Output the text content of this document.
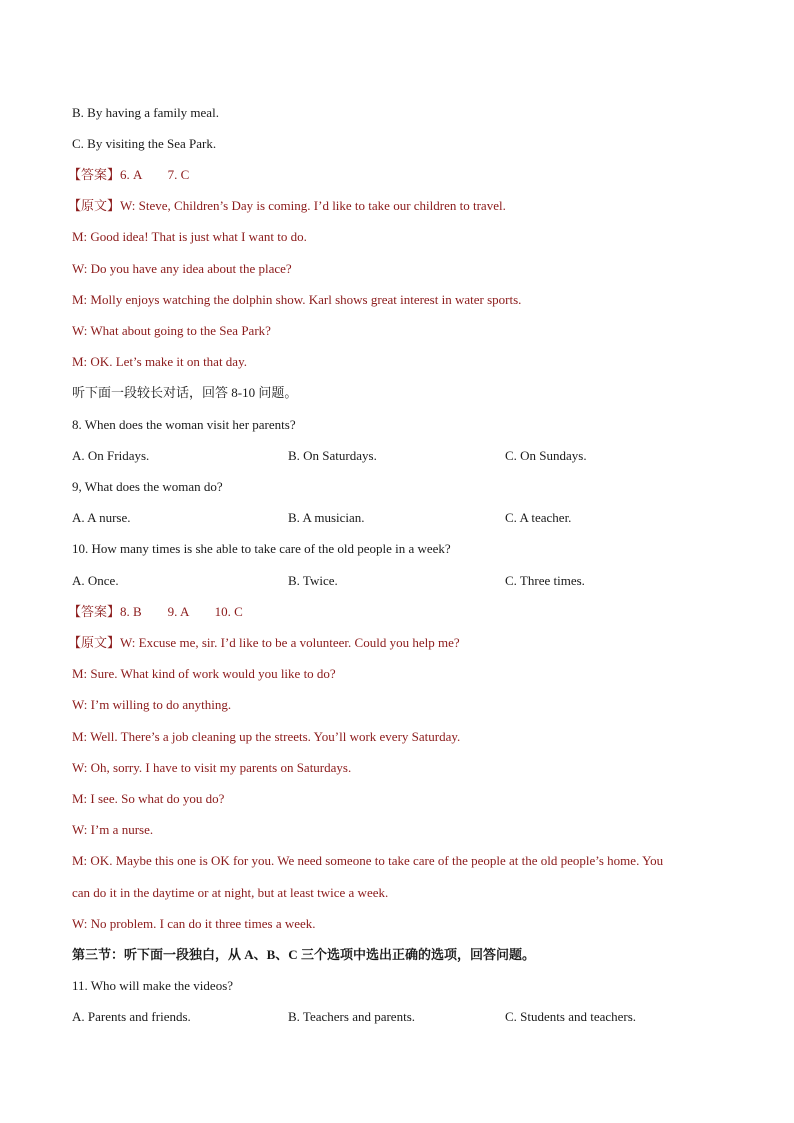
B. By having a family meal.
C. By visiting the Sea Park.
【答案】6. A        7. C
【原文】W: Steve, Children’s Day is coming. I’d like to take our children to travel.
M: Good idea! That is just what I want to do.
W: Do you have any idea about the place?
M: Molly enjoys watching the dolphin show. Karl shows great interest in water sports.
W: What about going to the Sea Park?
M: OK. Let’s make it on that day.
听下面一段较长对话，回答 8-10 问题。
8. When does the woman visit her parents?
A. On Fridays.	B. On Saturdays.	C. On Sundays.
9, What does the woman do?
A. A nurse.	B. A musician.	C. A teacher.
10. How many times is she able to take care of the old people in a week?
A. Once.	B. Twice.	C. Three times.
【答案】8. B        9. A        10. C
【原文】W: Excuse me, sir. I’d like to be a volunteer. Could you help me?
M: Sure. What kind of work would you like to do?
W: I’m willing to do anything.
M: Well. There’s a job cleaning up the streets. You’ll work every Saturday.
W: Oh, sorry. I have to visit my parents on Saturdays.
M: I see. So what do you do?
W: I’m a nurse.
M: OK. Maybe this one is OK for you. We need someone to take care of the people at the old people’s home. You
can do it in the daytime or at night, but at least twice a week.
W: No problem. I can do it three times a week.
第三节：听下面一段独白，从 A、B、C 三个选项中选出正确的选项，回答问题。
11. Who will make the videos?
A. Parents and friends.	B. Teachers and parents.	C. Students and teachers.
